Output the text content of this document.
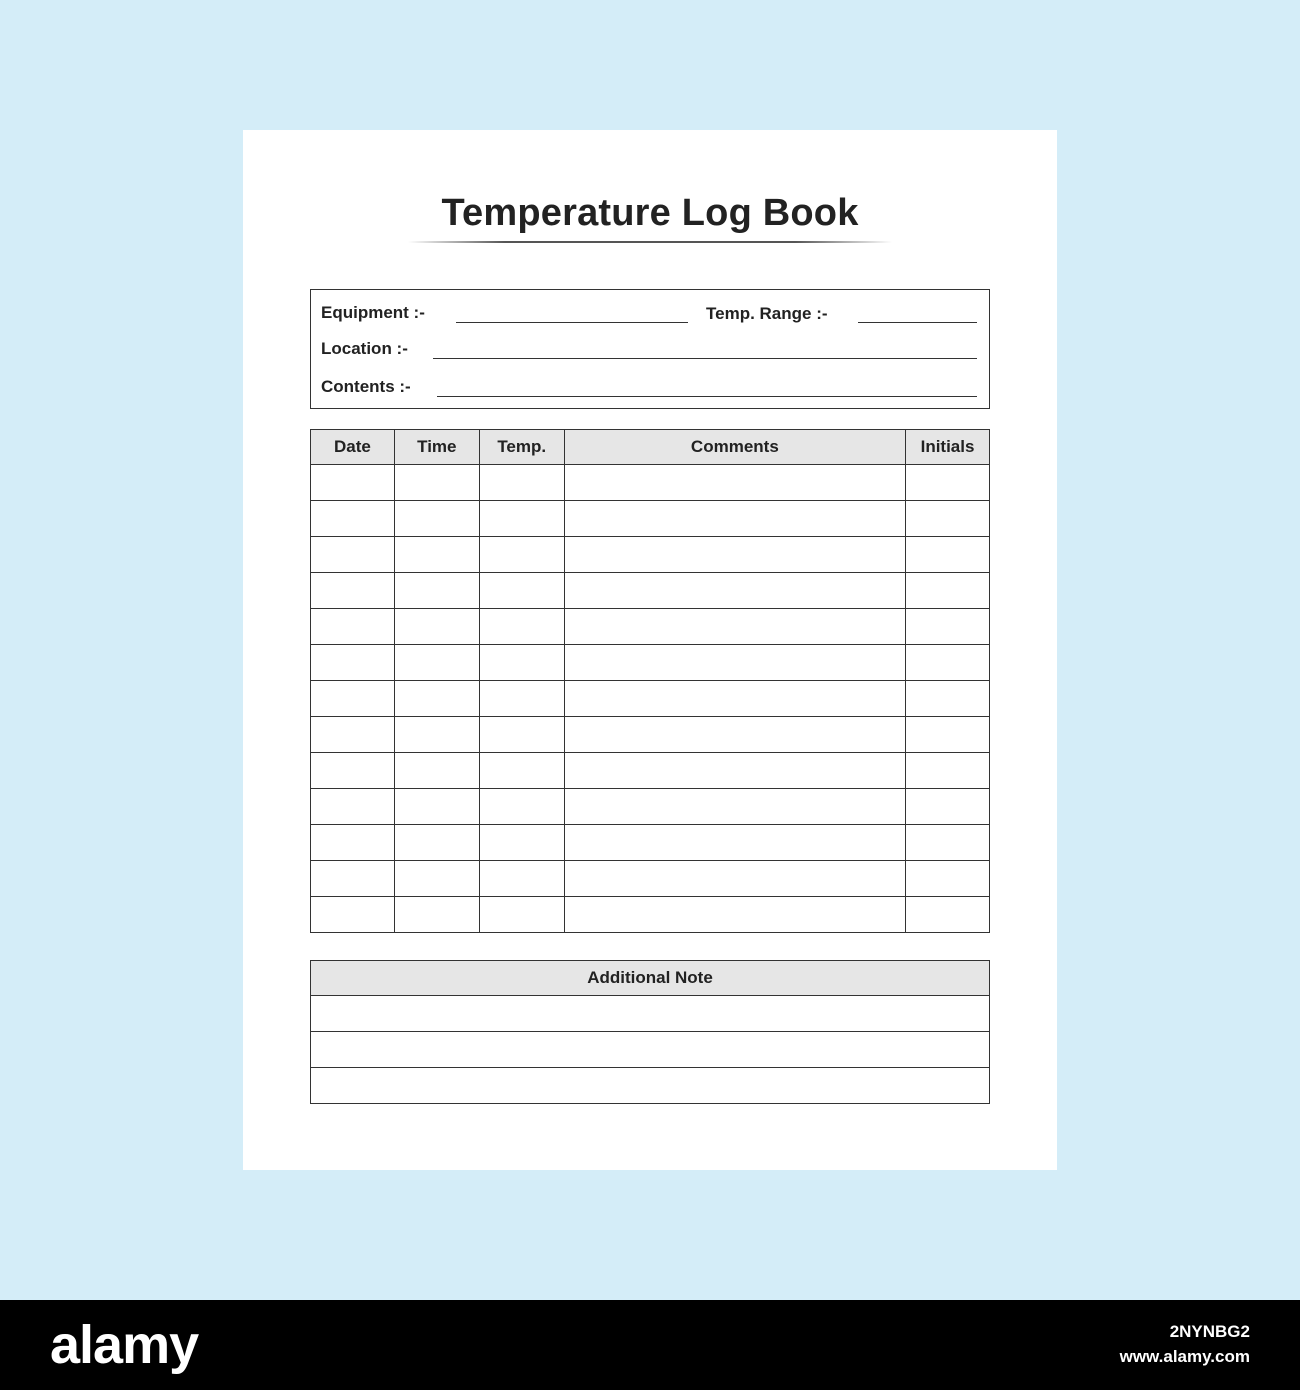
Temperature Log Book
Equipment :-	Temp. Range :-
Location :-
Contents :-
Date	Time	Temp.	Comments	Initials

Additional Note

alamy	2NYNBG2
www.alamy.com
